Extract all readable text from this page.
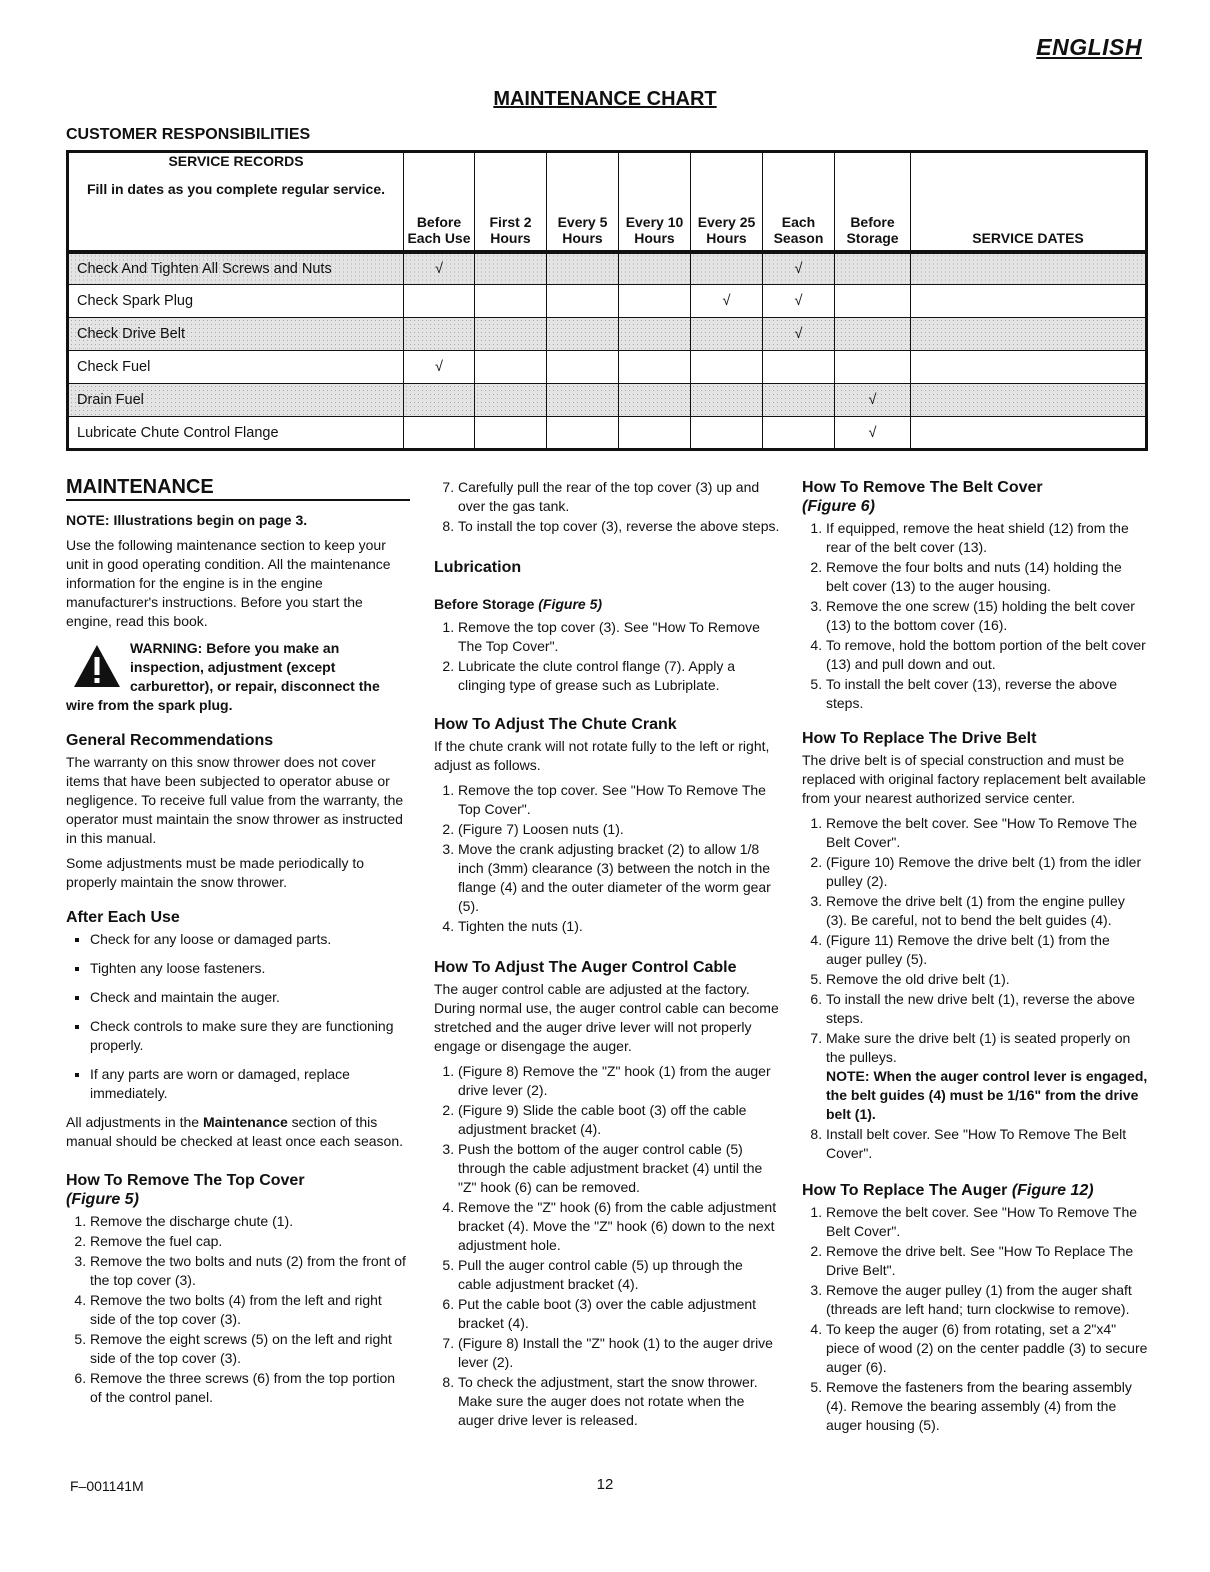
ENGLISH
MAINTENANCE CHART
CUSTOMER RESPONSIBILITIES
SERVICE RECORDS
Fill in dates as you complete regular service.	Before Each Use	First 2 Hours	Every 5 Hours	Every 10 Hours	Every 25 Hours	Each Season	Before Storage	SERVICE DATES
Check And Tighten All Screws and Nuts	√					√		
Check Spark Plug					√	√		
Check Drive Belt						√		
Check Fuel	√							
Drain Fuel							√	
Lubricate Chute Control Flange							√	
MAINTENANCE

NOTE: Illustrations begin on page 3.

Use the following maintenance section to keep your unit in good operating condition. All the maintenance information for the engine is in the engine manufacturer's instructions. Before you start the engine, read this book.

WARNING: Before you make an inspection, adjustment (except carburettor), or repair, disconnect the wire from the spark plug.
General Recommendations

The warranty on this snow thrower does not cover items that have been subjected to operator abuse or negligence. To receive full value from the warranty, the operator must maintain the snow thrower as instructed in this manual.

Some adjustments must be made periodically to properly maintain the snow thrower.

After Each Use
▪ Check for any loose or damaged parts.
▪ Tighten any loose fasteners.
▪ Check and maintain the auger.
▪ Check controls to make sure they are functioning properly.
▪ If any parts are worn or damaged, replace immediately.

All adjustments in the Maintenance section of this manual should be checked at least once each season.

How To Remove The Top Cover
(Figure 5)
1. Remove the discharge chute (1).
2. Remove the fuel cap.
3. Remove the two bolts and nuts (2) from the front of the top cover (3).
4. Remove the two bolts (4) from the left and right side of the top cover (3).
5. Remove the eight screws (5) on the left and right side of the top cover (3).
6. Remove the three screws (6) from the top portion of the control panel.
7. Carefully pull the rear of the top cover (3) up and over the gas tank.
8. To install the top cover (3), reverse the above steps.
Lubrication
Before Storage (Figure 5)
1. Remove the top cover (3). See "How To Remove The Top Cover".
2. Lubricate the clute control flange (7). Apply a clinging type of grease such as Lubriplate.
How To Adjust The Chute Crank

If the chute crank will not rotate fully to the left or right, adjust as follows.

1. Remove the top cover. See "How To Remove The Top Cover".
2. (Figure 7) Loosen nuts (1).
3. Move the crank adjusting bracket (2) to allow 1/8 inch (3mm) clearance (3) between the notch in the flange (4) and the outer diameter of the worm gear (5).
4. Tighten the nuts (1).
How To Adjust The Auger Control Cable

The auger control cable are adjusted at the factory. During normal use, the auger control cable can become stretched and the auger drive lever will not properly engage or disengage the auger.

1. (Figure 8) Remove the "Z" hook (1) from the auger drive lever (2).
2. (Figure 9) Slide the cable boot (3) off the cable adjustment bracket (4).
3. Push the bottom of the auger control cable (5) through the cable adjustment bracket (4) until the "Z" hook (6) can be removed.
4. Remove the "Z" hook (6) from the cable adjustment bracket (4). Move the "Z" hook (6) down to the next adjustment hole.
5. Pull the auger control cable (5) up through the cable adjustment bracket (4).
6. Put the cable boot (3) over the cable adjustment bracket (4).
7. (Figure 8) Install the "Z" hook (1) to the auger drive lever (2).
8. To check the adjustment, start the snow thrower. Make sure the auger does not rotate when the auger drive lever is released.
How To Remove The Belt Cover
(Figure 6)
1. If equipped, remove the heat shield (12) from the rear of the belt cover (13).
2. Remove the four bolts and nuts (14) holding the belt cover (13) to the auger housing.
3. Remove the one screw (15) holding the belt cover (13) to the bottom cover (16).
4. To remove, hold the bottom portion of the belt cover (13) and pull down and out.
5. To install the belt cover (13), reverse the above steps.
How To Replace The Drive Belt

The drive belt is of special construction and must be replaced with original factory replacement belt available from your nearest authorized service center.

1. Remove the belt cover. See "How To Remove The Belt Cover".
2. (Figure 10) Remove the drive belt (1) from the idler pulley (2).
3. Remove the drive belt (1) from the engine pulley (3). Be careful, not to bend the belt guides (4).
4. (Figure 11) Remove the drive belt (1) from the auger pulley (5).
5. Remove the old drive belt (1).
6. To install the new drive belt (1), reverse the above steps.
7. Make sure the drive belt (1) is seated properly on the pulleys.
NOTE: When the auger control lever is engaged, the belt guides (4) must be 1/16" from the drive belt (1).
8. Install belt cover. See "How To Remove The Belt Cover".
How To Replace The Auger (Figure 12)
1. Remove the belt cover. See "How To Remove The Belt Cover".
2. Remove the drive belt. See "How To Replace The Drive Belt".
3. Remove the auger pulley (1) from the auger shaft (threads are left hand; turn clockwise to remove).
4. To keep the auger (6) from rotating, set a 2"x4" piece of wood (2) on the center paddle (3) to secure auger (6).
5. Remove the fasteners from the bearing assembly (4). Remove the bearing assembly (4) from the auger housing (5).
F–001141M	12
